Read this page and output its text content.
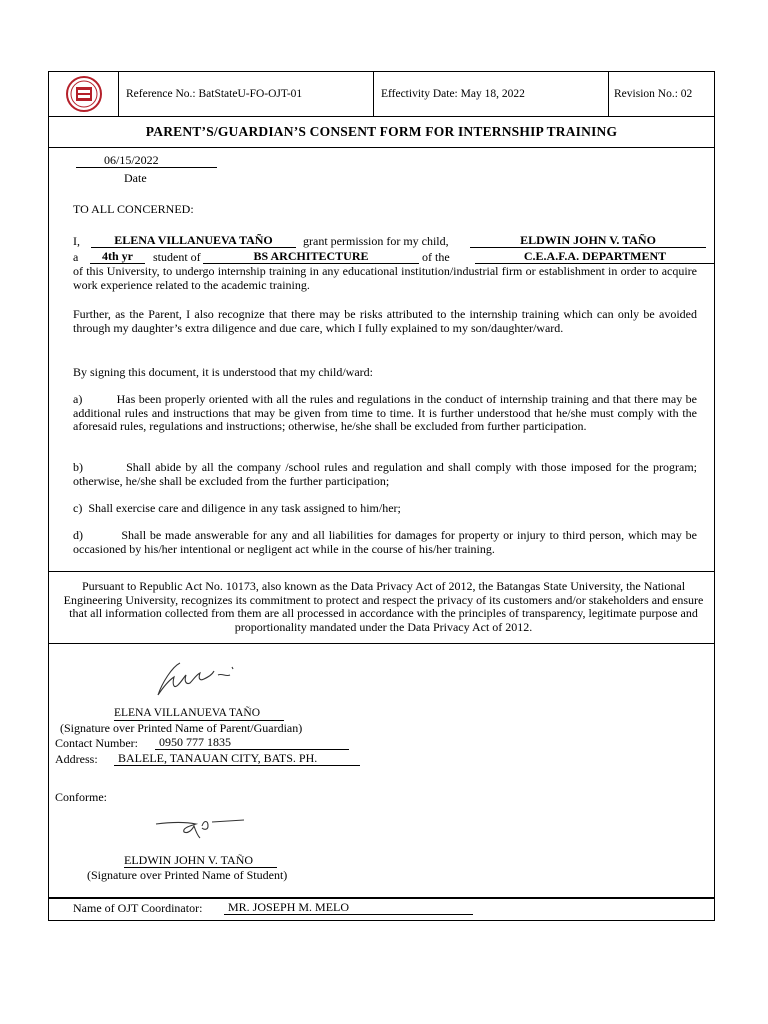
Reference No.: BatStateU-FO-OJT-01	Effectivity Date: May 18, 2022	Revision No.: 02
PARENT’S/GUARDIAN’S CONSENT FORM FOR INTERNSHIP TRAINING
06/15/2022
Date
TO ALL CONCERNED:
I,	ELENA VILLANUEVA TAÑO	grant permission for my child,	ELDWIN JOHN V. TAÑO
a	4th yr	student of	BS ARCHITECTURE	of the	C.E.A.F.A. DEPARTMENT
of this University, to undergo internship training in any educational institution/industrial firm or establishment in order to acquire work experience related to the academic training.
Further, as the Parent, I also recognize that there may be risks attributed to the internship training which can only be avoided through my daughter’s extra diligence and due care, which I fully explained to my son/daughter/ward.
By signing this document, it is understood that my child/ward:
a)          Has been properly oriented with all the rules and regulations in the conduct of internship training and that there may be additional rules and instructions that may be given from time to time. It is further understood that he/she must comply with the aforesaid rules, regulations and instructions; otherwise, he/she shall be excluded from further participation.
b)          Shall abide by all the company /school rules and regulation and shall comply with those imposed for the program; otherwise, he/she shall be excluded from the further participation;
c)  Shall exercise care and diligence in any task assigned to him/her;
d)          Shall be made answerable for any and all liabilities for damages for property or injury to third person, which may be occasioned by his/her intentional or negligent act while in the course of his/her training.
Pursuant to Republic Act No. 10173, also known as the Data Privacy Act of 2012, the Batangas State University, the National Engineering University, recognizes its commitment to protect and respect the privacy of its customers and/or stakeholders and ensure that all information collected from them are all processed in accordance with the principles of transparency, legitimate purpose and proportionality mandated under the Data Privacy Act of 2012.
ELENA VILLANUEVA TAÑO
(Signature over Printed Name of Parent/Guardian)
Contact Number:	0950 777 1835
Address:	BALELE, TANAUAN CITY, BATS. PH.
Conforme:
ELDWIN JOHN V. TAÑO
(Signature over Printed Name of Student)
Name of OJT Coordinator:	MR. JOSEPH M. MELO
